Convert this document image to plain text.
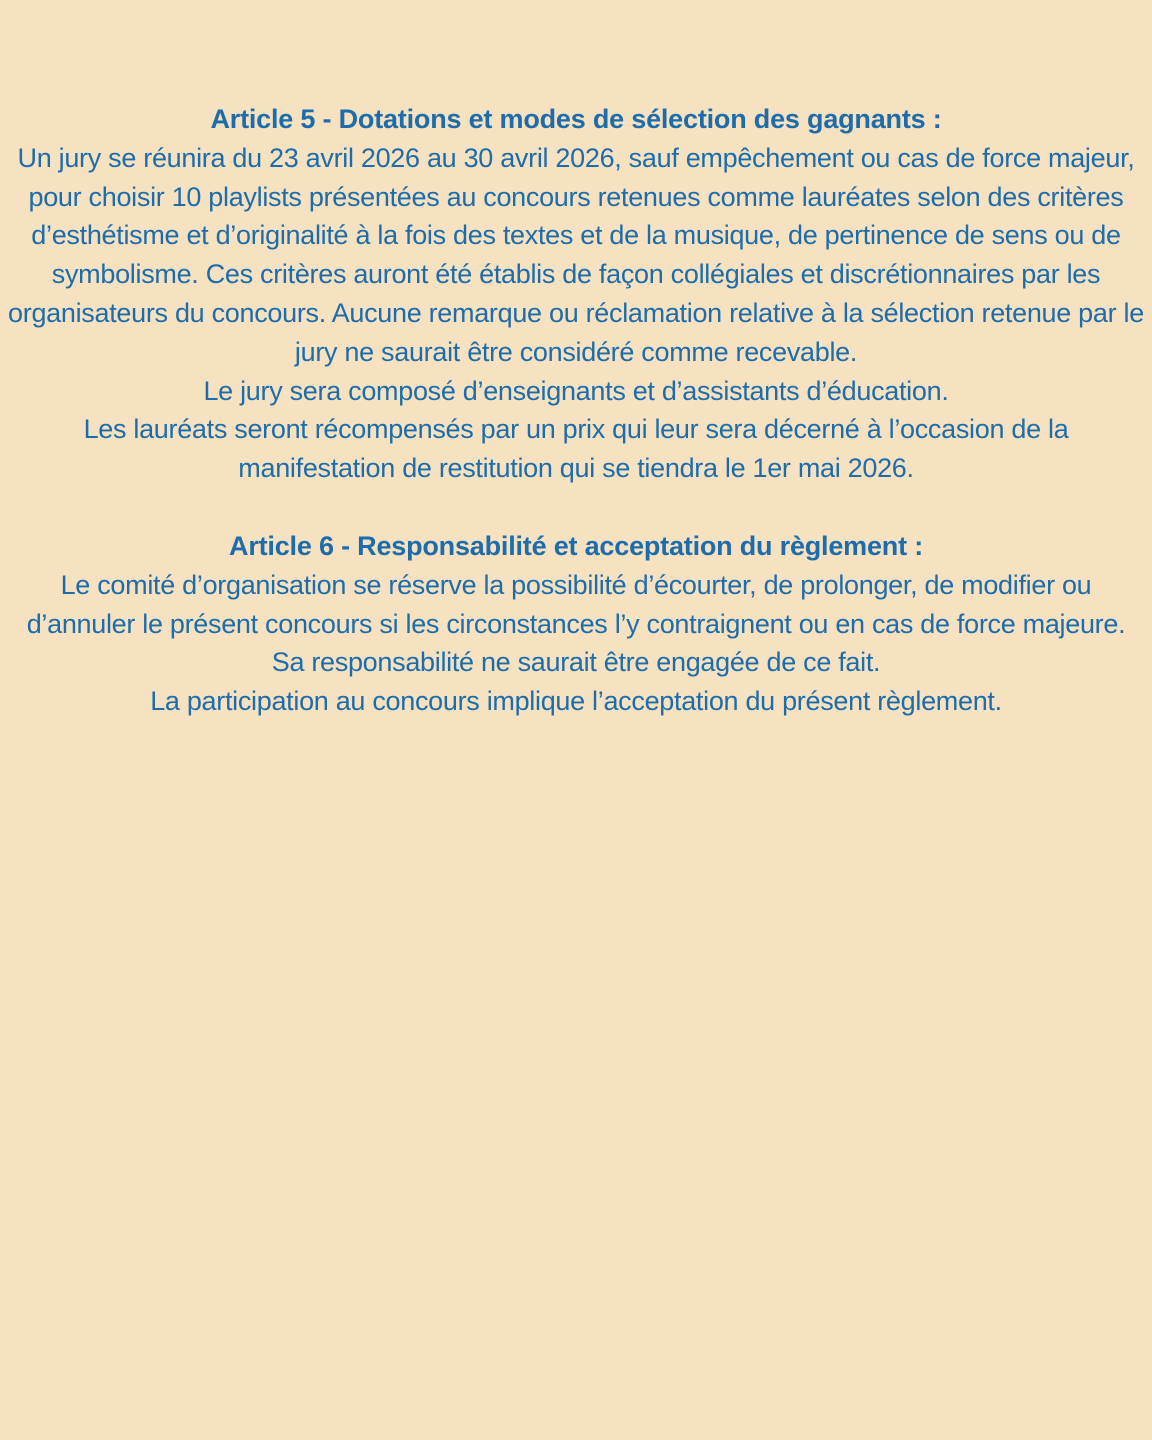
Article 5 - Dotations et modes de sélection des gagnants :

Un jury se réunira du 23 avril 2026 au 30 avril 2026, sauf empêchement ou cas de force majeur, pour choisir 10 playlists présentées au concours retenues comme lauréates selon des critères d’esthétisme et d’originalité à la fois des textes et de la musique, de pertinence de sens ou de symbolisme. Ces critères auront été établis de façon collégiales et discrétionnaires par les organisateurs du concours. Aucune remarque ou réclamation relative à la sélection retenue par le jury ne saurait être considéré comme recevable.

Le jury sera composé d’enseignants et d’assistants d’éducation.

Les lauréats seront récompensés par un prix qui leur sera décerné à l’occasion de la manifestation de restitution qui se tiendra le 1er mai 2026.

Article 6 - Responsabilité et acceptation du règlement :

Le comité d’organisation se réserve la possibilité d’écourter, de prolonger, de modifier ou d’annuler le présent concours si les circonstances l’y contraignent ou en cas de force majeure.

Sa responsabilité ne saurait être engagée de ce fait.

La participation au concours implique l’acceptation du présent règlement.
